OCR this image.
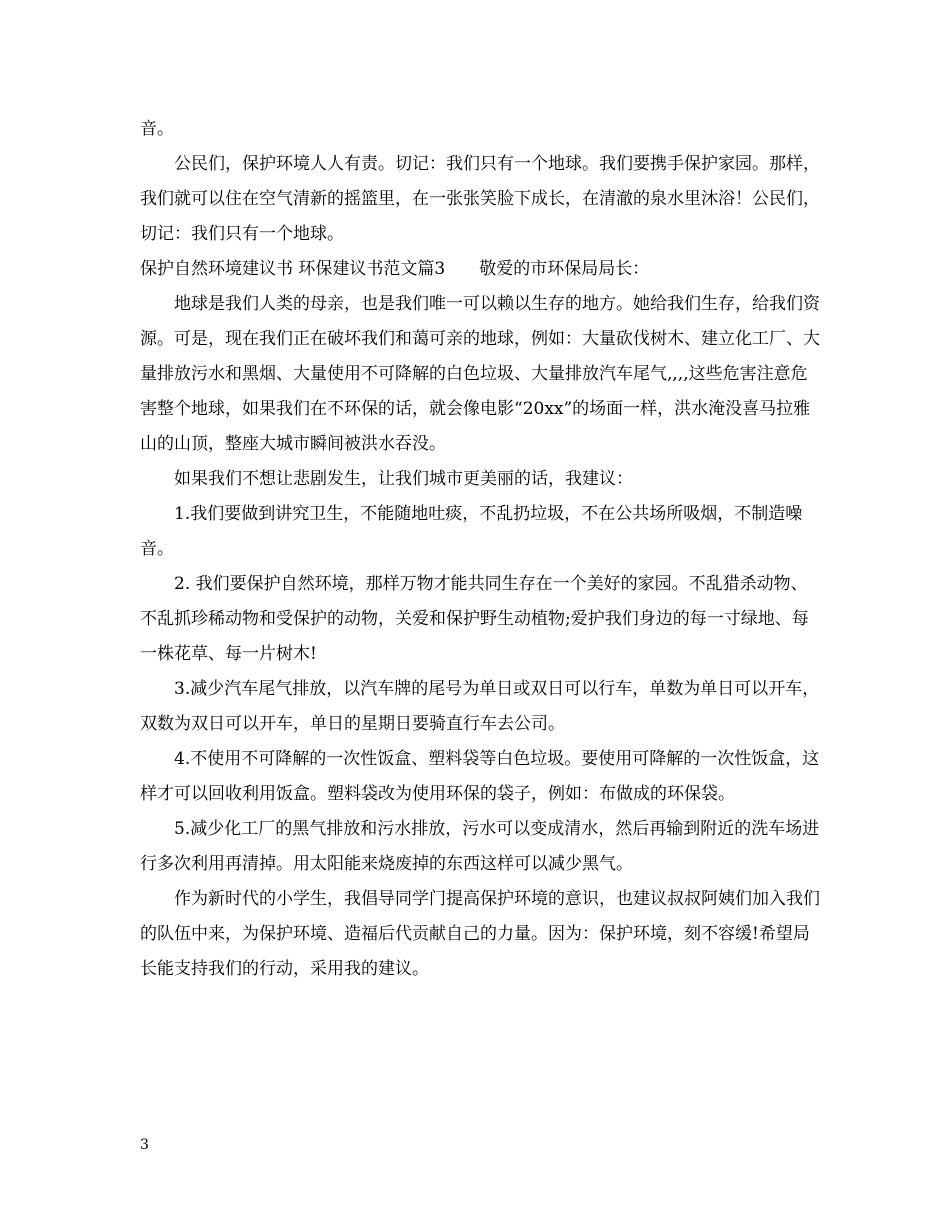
音。

公民们，保护环境人人有责。切记：我们只有一个地球。我们要携手保护家园。那样，我们就可以住在空气清新的摇篮里，在一张张笑脸下成长，在清澈的泉水里沐浴！公民们，切记：我们只有一个地球。

保护自然环境建议书 环保建议书范文篇3　　敬爱的市环保局局长：

地球是我们人类的母亲，也是我们唯一可以赖以生存的地方。她给我们生存，给我们资源。可是，现在我们正在破坏我们和蔼可亲的地球，例如：大量砍伐树木、建立化工厂、大量排放污水和黑烟、大量使用不可降解的白色垃圾、大量排放汽车尾气,,,,这些危害注意危害整个地球，如果我们在不环保的话，就会像电影“20xx”的场面一样，洪水淹没喜马拉雅山的山顶，整座大城市瞬间被洪水吞没。

如果我们不想让悲剧发生，让我们城市更美丽的话，我建议：

1.我们要做到讲究卫生，不能随地吐痰，不乱扔垃圾，不在公共场所吸烟，不制造噪音。

2. 我们要保护自然环境，那样万物才能共同生存在一个美好的家园。不乱猎杀动物、不乱抓珍稀动物和受保护的动物，关爱和保护野生动植物;爱护我们身边的每一寸绿地、每一株花草、每一片树木!

3.减少汽车尾气排放，以汽车牌的尾号为单日或双日可以行车，单数为单日可以开车，双数为双日可以开车，单日的星期日要骑直行车去公司。

4.不使用不可降解的一次性饭盒、塑料袋等白色垃圾。要使用可降解的一次性饭盒，这样才可以回收利用饭盒。塑料袋改为使用环保的袋子，例如：布做成的环保袋。

5.减少化工厂的黑气排放和污水排放，污水可以变成清水，然后再输到附近的洗车场进行多次利用再清掉。用太阳能来烧废掉的东西这样可以减少黑气。

作为新时代的小学生，我倡导同学门提高保护环境的意识，也建议叔叔阿姨们加入我们的队伍中来，为保护环境、造福后代贡献自己的力量。因为：保护环境，刻不容缓!希望局长能支持我们的行动，采用我的建议。

3
